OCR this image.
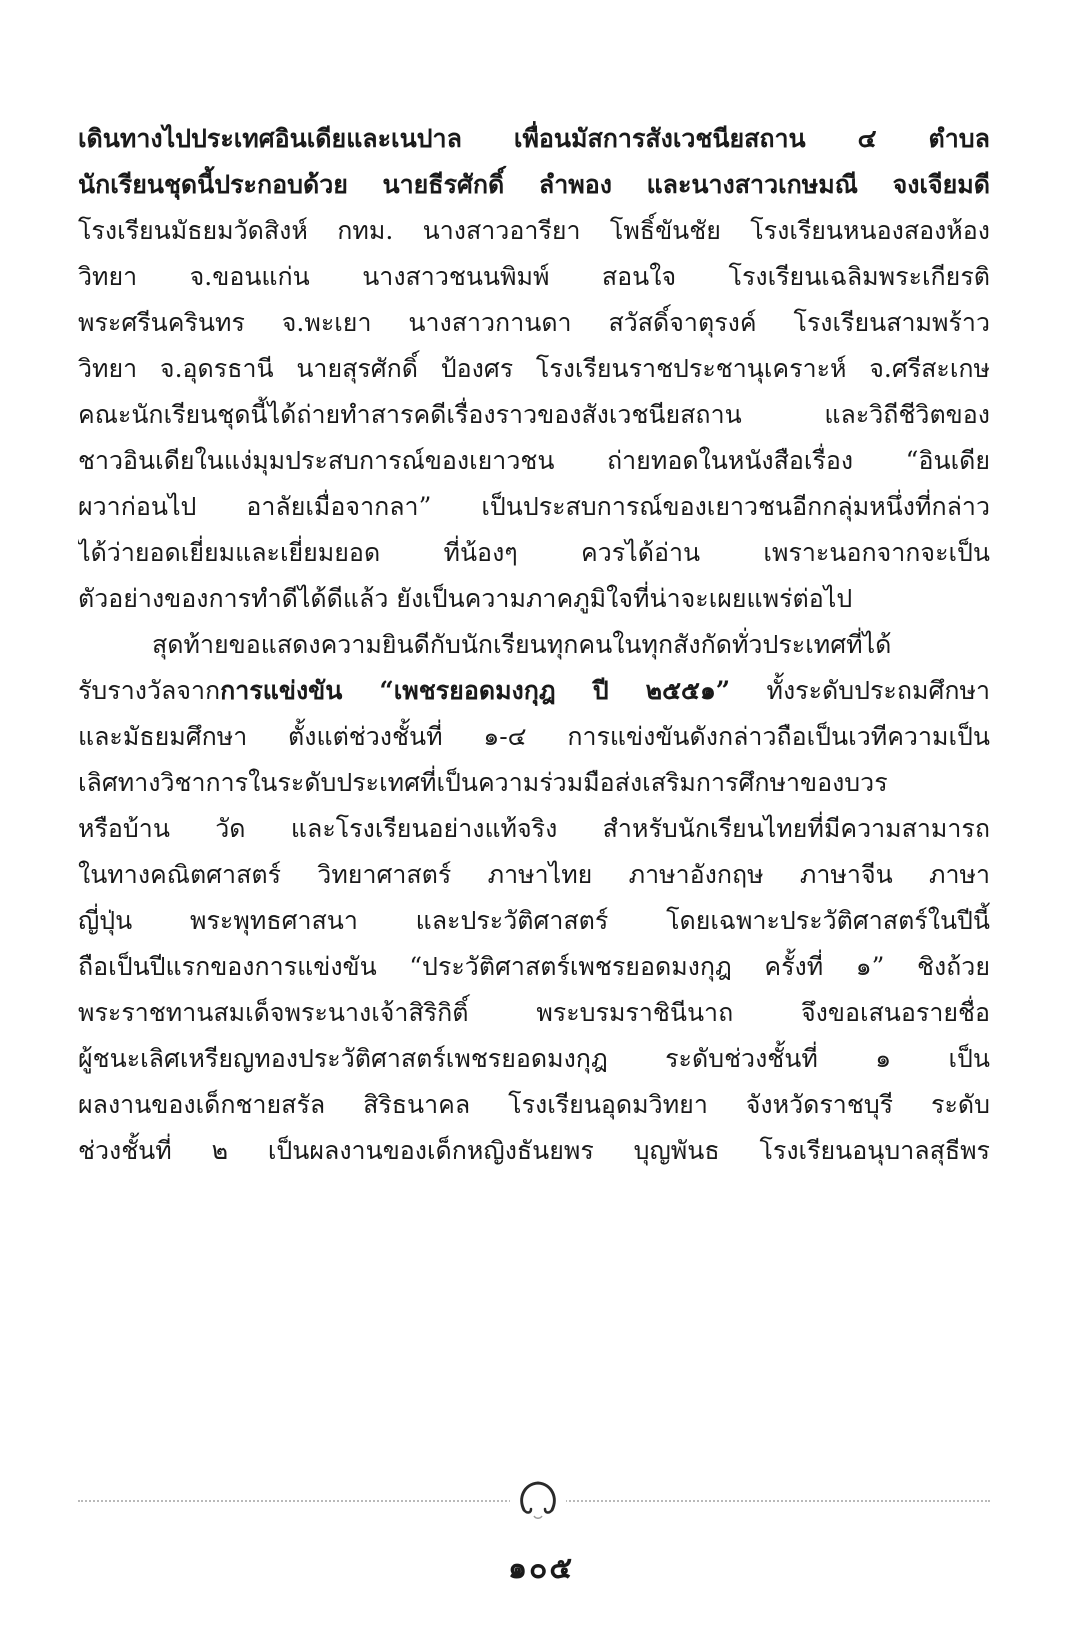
เดินทางไปประเทศอินเดียและเนปาล เพื่อนมัสการสังเวชนียสถาน ๔ ตำบล
นักเรียนชุดนี้ประกอบด้วย นายธีรศักดิ์ ลำพอง และนางสาวเกษมณี จงเจียมดี
โรงเรียนมัธยมวัดสิงห์ กทม. นางสาวอารียา โพธิ์ขันชัย โรงเรียนหนองสองห้อง
วิทยา จ.ขอนแก่น นางสาวชนนพิมพ์ สอนใจ โรงเรียนเฉลิมพระเกียรติ
พระศรีนครินทร จ.พะเยา นางสาวกานดา สวัสดิ์จาตุรงค์ โรงเรียนสามพร้าว
วิทยา จ.อุดรธานี นายสุรศักดิ์ ป้องศร โรงเรียนราชประชานุเคราะห์ จ.ศรีสะเกษ
คณะนักเรียนชุดนี้ได้ถ่ายทำสารคดีเรื่องราวของสังเวชนียสถาน และวิถีชีวิตของ
ชาวอินเดียในแง่มุมประสบการณ์ของเยาวชน ถ่ายทอดในหนังสือเรื่อง “อินเดีย
ผวาก่อนไป อาลัยเมื่อจากลา” เป็นประสบการณ์ของเยาวชนอีกกลุ่มหนึ่งที่กล่าว
ได้ว่ายอดเยี่ยมและเยี่ยมยอด ที่น้องๆ ควรได้อ่าน เพราะนอกจากจะเป็น
ตัวอย่างของการทำดีได้ดีแล้ว ยังเป็นความภาคภูมิใจที่น่าจะเผยแพร่ต่อไป
สุดท้ายขอแสดงความยินดีกับนักเรียนทุกคนในทุกสังกัดทั่วประเทศที่ได้
รับรางวัลจากการแข่งขัน “เพชรยอดมงกุฎ ปี ๒๕๕๑” ทั้งระดับประถมศึกษา
และมัธยมศึกษา ตั้งแต่ช่วงชั้นที่ ๑-๔ การแข่งขันดังกล่าวถือเป็นเวทีความเป็น
เลิศทางวิชาการในระดับประเทศที่เป็นความร่วมมือส่งเสริมการศึกษาของบวร
หรือบ้าน วัด และโรงเรียนอย่างแท้จริง สำหรับนักเรียนไทยที่มีความสามารถ
ในทางคณิตศาสตร์ วิทยาศาสตร์ ภาษาไทย ภาษาอังกฤษ ภาษาจีน ภาษา
ญี่ปุ่น พระพุทธศาสนา และประวัติศาสตร์ โดยเฉพาะประวัติศาสตร์ในปีนี้
ถือเป็นปีแรกของการแข่งขัน “ประวัติศาสตร์เพชรยอดมงกุฎ ครั้งที่ ๑” ชิงถ้วย
พระราชทานสมเด็จพระนางเจ้าสิริกิติ์ พระบรมราชินีนาถ จึงขอเสนอรายชื่อ
ผู้ชนะเลิศเหรียญทองประวัติศาสตร์เพชรยอดมงกุฎ ระดับช่วงชั้นที่ ๑ เป็น
ผลงานของเด็กชายสรัล สิริธนาคล โรงเรียนอุดมวิทยา จังหวัดราชบุรี ระดับ
ช่วงชั้นที่ ๒ เป็นผลงานของเด็กหญิงธันยพร บุญพันธ โรงเรียนอนุบาลสุธีพร
๑๐๕
